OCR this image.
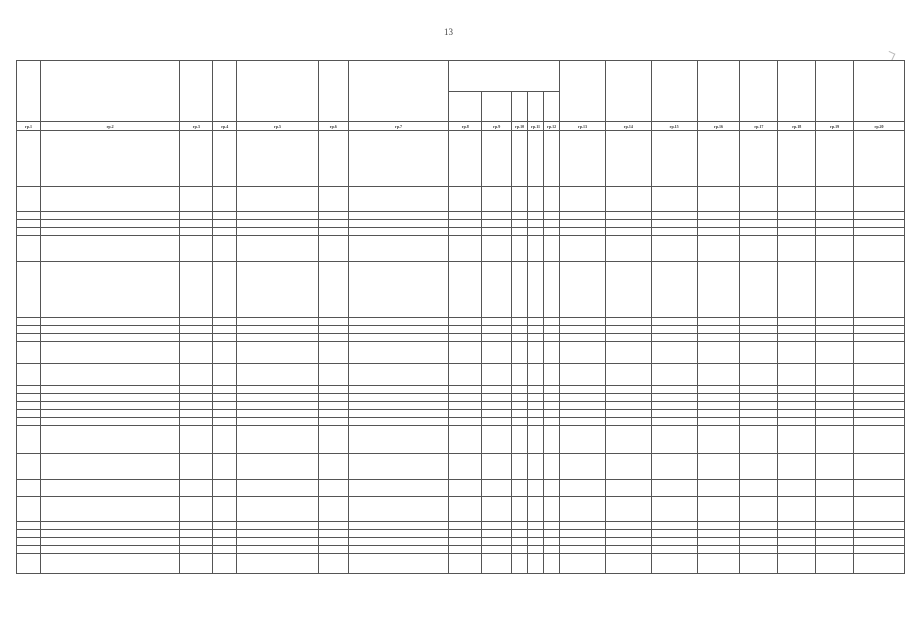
13

гр.1	гр.2	гр.3	гр.4	гр.5	гр.6	гр.7	гр.8	гр.9	гр.10	гр.11	гр.12	гр.13	гр.14	гр.15	гр.16	гр.17	гр.18	гр.19	гр.20
